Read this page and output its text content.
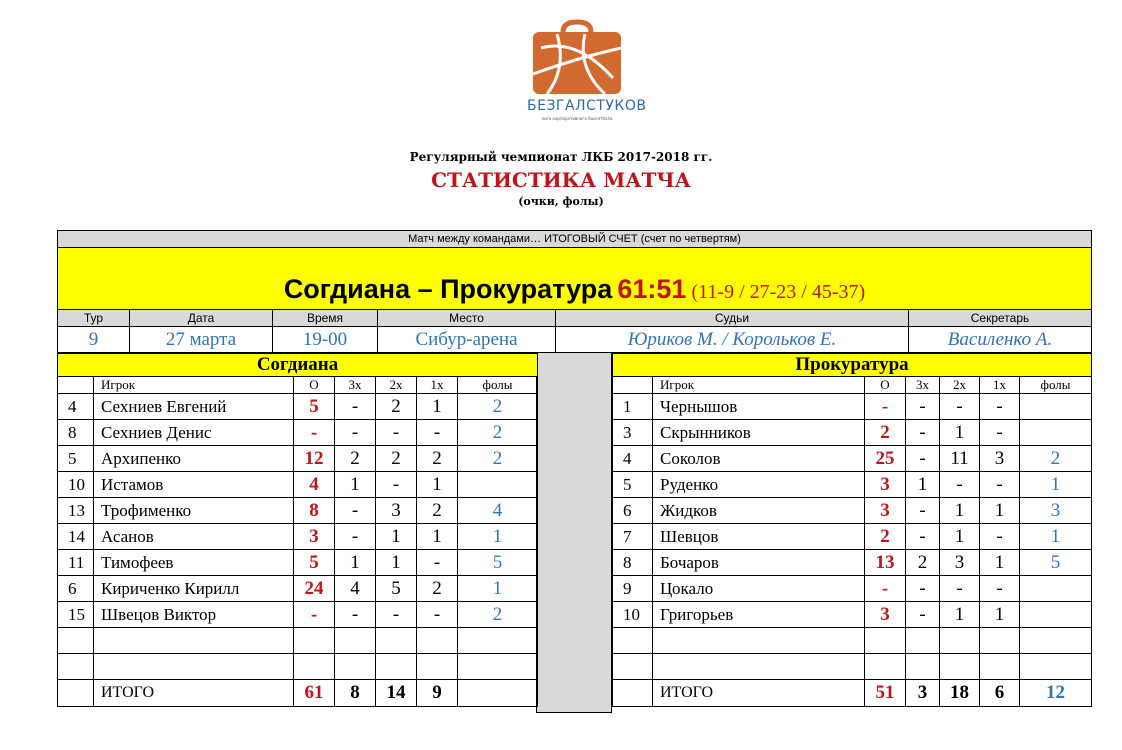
БЕЗГАЛСТУКОВ
лига корпоративного баскетбола
Регулярный чемпионат ЛКБ 2017-2018 гг.
СТАТИСТИКА МАТЧА
(очки, фолы)
Матч между командами… ИТОГОВЫЙ СЧЕТ (счет по четвертям)					
Согдиана – Прокуратура 61:51 (11-9 / 27-23 / 45-37)					
Тур	Дата	Время	Место	Судьи	Секретарь
9	27 марта	19-00	Сибур-арена	Юриков М. / Корольков Е.	Василенко А.
Согдиана						
	Игрок	О	3х	2х	1х	фолы
4	Сехниев Евгений	5	-	2	1	2
8	Сехниев Денис	-	-	-	-	2
5	Архипенко	12	2	2	2	2
10	Истамов	4	1	-	1	
13	Трофименко	8	-	3	2	4
14	Асанов	3	-	1	1	1
11	Тимофеев	5	1	1	-	5
6	Кириченко Кирилл	24	4	5	2	1
15	Швецов Виктор	-	-	-	-	2

	ИТОГО	61	8	14	9	
Прокуратура						
	Игрок	О	3х	2х	1х	фолы
1	Чернышов	-	-	-	-	
3	Скрынников	2	-	1	-	
4	Соколов	25	-	11	3	2
5	Руденко	3	1	-	-	1
6	Жидков	3	-	1	1	3
7	Шевцов	2	-	1	-	1
8	Бочаров	13	2	3	1	5
9	Цокало	-	-	-	-	
10	Григорьев	3	-	1	1	

	ИТОГО	51	3	18	6	12
